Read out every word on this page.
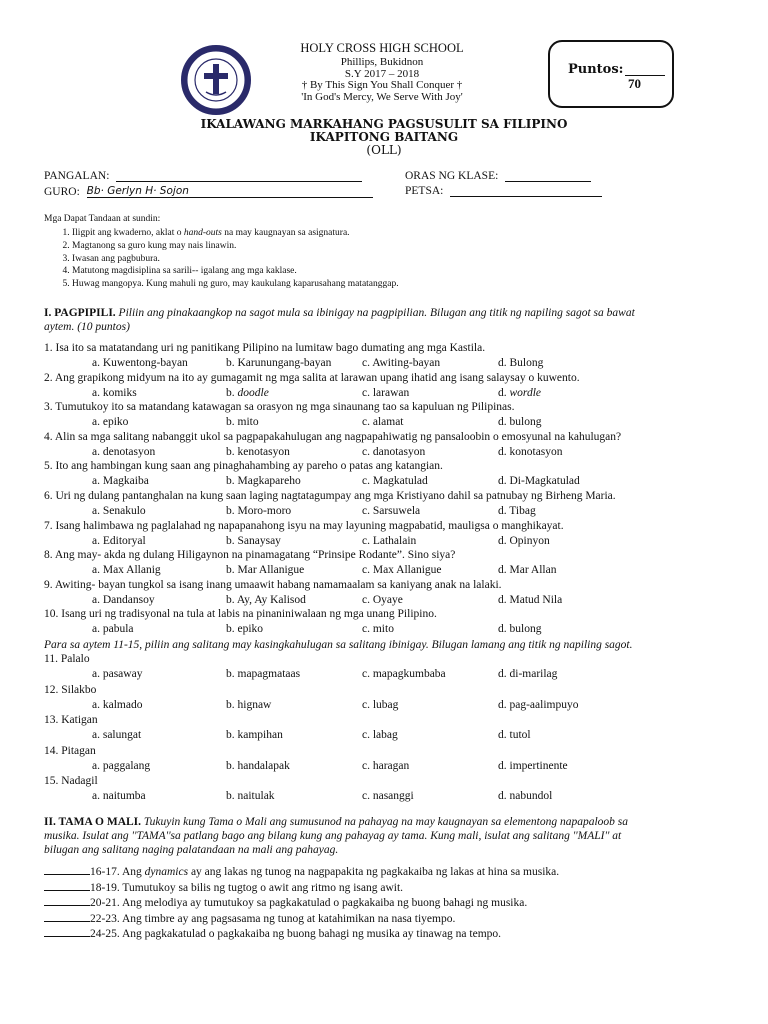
HOLY CROSS HIGH SCHOOL
Phillips, Bukidnon
S.Y 2017 – 2018
† By This Sign You Shall Conquer †
'In God's Mercy, We Serve With Joy'
Puntos:
70
IKALAWANG MARKAHANG PAGSUSULIT SA FILIPINO
IKAPITONG BAITANG
(OLL)
PANGALAN:
GURO: Bb· Gerlyn H· Sojon
ORAS NG KLASE:
PETSA:
Mga Dapat Tandaan at sundin:
1. Iligpit ang kwaderno, aklat o hand-outs na may kaugnayan sa asignatura.
2. Magtanong sa guro kung may nais linawin.
3. Iwasan ang pagbubura.
4. Matutong magdisiplina sa sarili-- igalang ang mga kaklase.
5. Huwag mangopya. Kung mahuli ng guro, may kaukulang kaparusahang matatanggap.
I. PAGPIPILI. Piliin ang pinakaangkop na sagot mula sa ibinigay na pagpipilian. Bilugan ang titik ng napiling sagot sa bawat
aytem. (10 puntos)
1. Isa ito sa matatandang uri ng panitikang Pilipino na lumitaw bago dumating ang mga Kastila.
a. Kuwentong-bayan	b. Karunungang-bayan	c. Awiting-bayan	d. Bulong
2. Ang grapikong midyum na ito ay gumagamit ng mga salita at larawan upang ihatid ang isang salaysay o kuwento.
a. komiks	b. doodle	c. larawan	d. wordle
3. Tumutukoy ito sa matandang katawagan sa orasyon ng mga sinaunang tao sa kapuluan ng Pilipinas.
a. epiko	b. mito	c. alamat	d. bulong
4. Alin sa mga salitang nabanggit ukol sa pagpapakahulugan ang nagpapahiwatig ng pansaloobin o emosyunal na kahulugan?
a. denotasyon	b. kenotasyon	c. danotasyon	d. konotasyon
5. Ito ang hambingan kung saan ang pinaghahambing ay pareho o patas ang katangian.
a. Magkaiba	b. Magkapareho	c. Magkatulad	d. Di-Magkatulad
6. Uri ng dulang pantanghalan na kung saan laging nagtatagumpay ang mga Kristiyano dahil sa patnubay ng Birheng Maria.
a. Senakulo	b. Moro-moro	c. Sarsuwela	d. Tibag
7. Isang halimbawa ng paglalahad ng napapanahong isyu na may layuning magpabatid, mauligsa o manghikayat.
a. Editoryal	b. Sanaysay	c. Lathalain	d. Opinyon
8. Ang may- akda ng dulang Hiligaynon na pinamagatang “Prinsipe Rodante”. Sino siya?
a. Max Allanig	b. Mar Allanigue	c. Max Allanigue	d. Mar Allan
9. Awiting- bayan tungkol sa isang inang umaawit habang namamaalam sa kaniyang anak na lalaki.
a. Dandansoy	b. Ay, Ay Kalisod	c. Oyaye	d. Matud Nila
10. Isang uri ng tradisyonal na tula at labis na pinaniniwalaan ng mga unang Pilipino.
a. pabula	b. epiko	c. mito	d. bulong
Para sa aytem 11-15, piliin ang salitang may kasingkahulugan sa salitang ibinigay. Bilugan lamang ang titik ng napiling sagot.
11. Palalo
a. pasaway	b. mapagmataas	c. mapagkumbaba	d. di-marilag
12. Silakbo
a. kalmado	b. hignaw	c. lubag	d. pag-aalimpuyo
13. Katigan
a. salungat	b. kampihan	c. labag	d. tutol
14. Pitagan
a. paggalang	b. handalapak	c. haragan	d. impertinente
15. Nadagil
a. naitumba	b. naitulak	c. nasanggi	d. nabundol
II. TAMA O MALI. Tukuyin kung Tama o Mali ang sumusunod na pahayag na may kaugnayan sa elementong napapaloob sa
musika. Isulat ang ''TAMA''sa patlang bago ang bilang kung ang pahayag ay tama. Kung mali, isulat ang salitang ''MALI'' at
bilugan ang salitang naging palatandaan na mali ang pahayag.
16-17. Ang dynamics ay ang lakas ng tunog na nagpapakita ng pagkakaiba ng lakas at hina sa musika.
18-19. Tumutukoy sa bilis ng tugtog o awit ang ritmo ng isang awit.
20-21. Ang melodiya ay tumutukoy sa pagkakatulad o pagkakaiba ng buong bahagi ng musika.
22-23. Ang timbre ay ang pagsasama ng tunog at katahimikan na nasa tiyempo.
24-25. Ang pagkakatulad o pagkakaiba ng buong bahagi ng musika ay tinawag na tempo.
